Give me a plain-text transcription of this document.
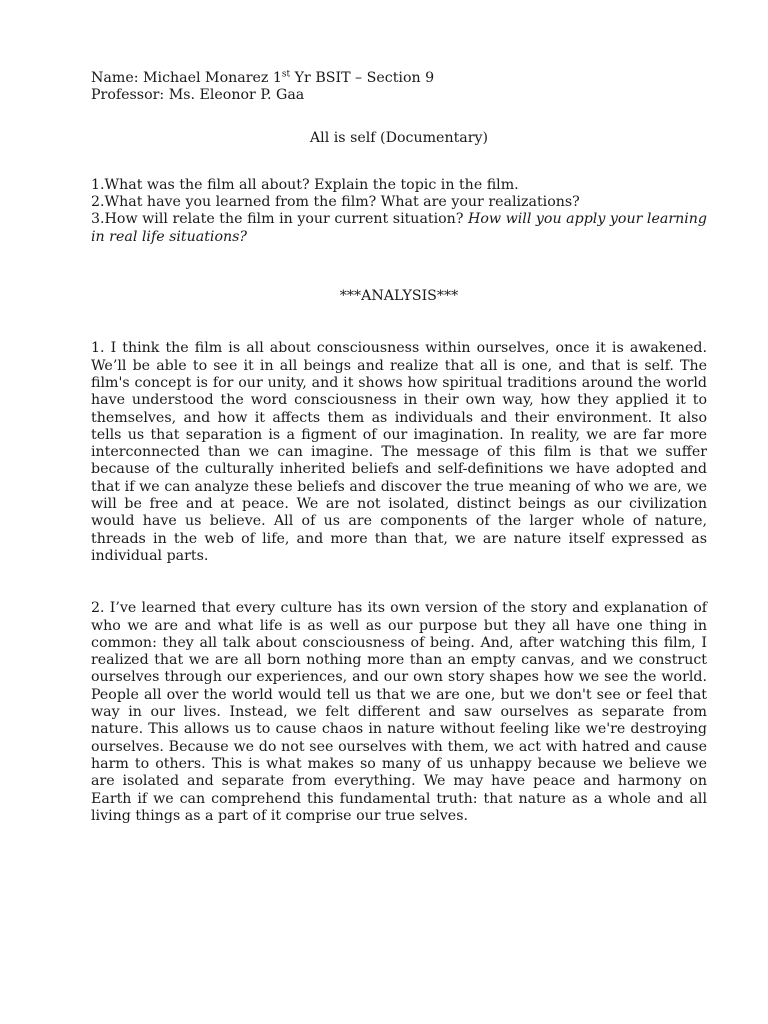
Name: Michael Monarez 1st Yr BSIT – Section 9
Professor: Ms. Eleonor P. Gaa
All is self (Documentary)
1.What was the film all about? Explain the topic in the film.
2.What have you learned from the film? What are your realizations?
3.How will relate the film in your current situation? How will you apply your learning in real life situations?
***ANALYSIS***

1. I think the film is all about consciousness within ourselves, once it is awakened. We’ll be able to see it in all beings and realize that all is one, and that is self. The film's concept is for our unity, and it shows how spiritual traditions around the world have understood the word consciousness in their own way, how they applied it to themselves, and how it affects them as individuals and their environment. It also tells us that separation is a figment of our imagination. In reality, we are far more interconnected than we can imagine. The message of this film is that we suffer because of the culturally inherited beliefs and self-definitions we have adopted and that if we can analyze these beliefs and discover the true meaning of who we are, we will be free and at peace. We are not isolated, distinct beings as our civilization would have us believe. All of us are components of the larger whole of nature, threads in the web of life, and more than that, we are nature itself expressed as individual parts.

2. I’ve learned that every culture has its own version of the story and explanation of who we are and what life is as well as our purpose but they all have one thing in common: they all talk about consciousness of being. And, after watching this film, I realized that we are all born nothing more than an empty canvas, and we construct ourselves through our experiences, and our own story shapes how we see the world. People all over the world would tell us that we are one, but we don't see or feel that way in our lives. Instead, we felt different and saw ourselves as separate from nature. This allows us to cause chaos in nature without feeling like we're destroying ourselves. Because we do not see ourselves with them, we act with hatred and cause harm to others. This is what makes so many of us unhappy because we believe we are isolated and separate from everything. We may have peace and harmony on Earth if we can comprehend this fundamental truth: that nature as a whole and all living things as a part of it comprise our true selves.
